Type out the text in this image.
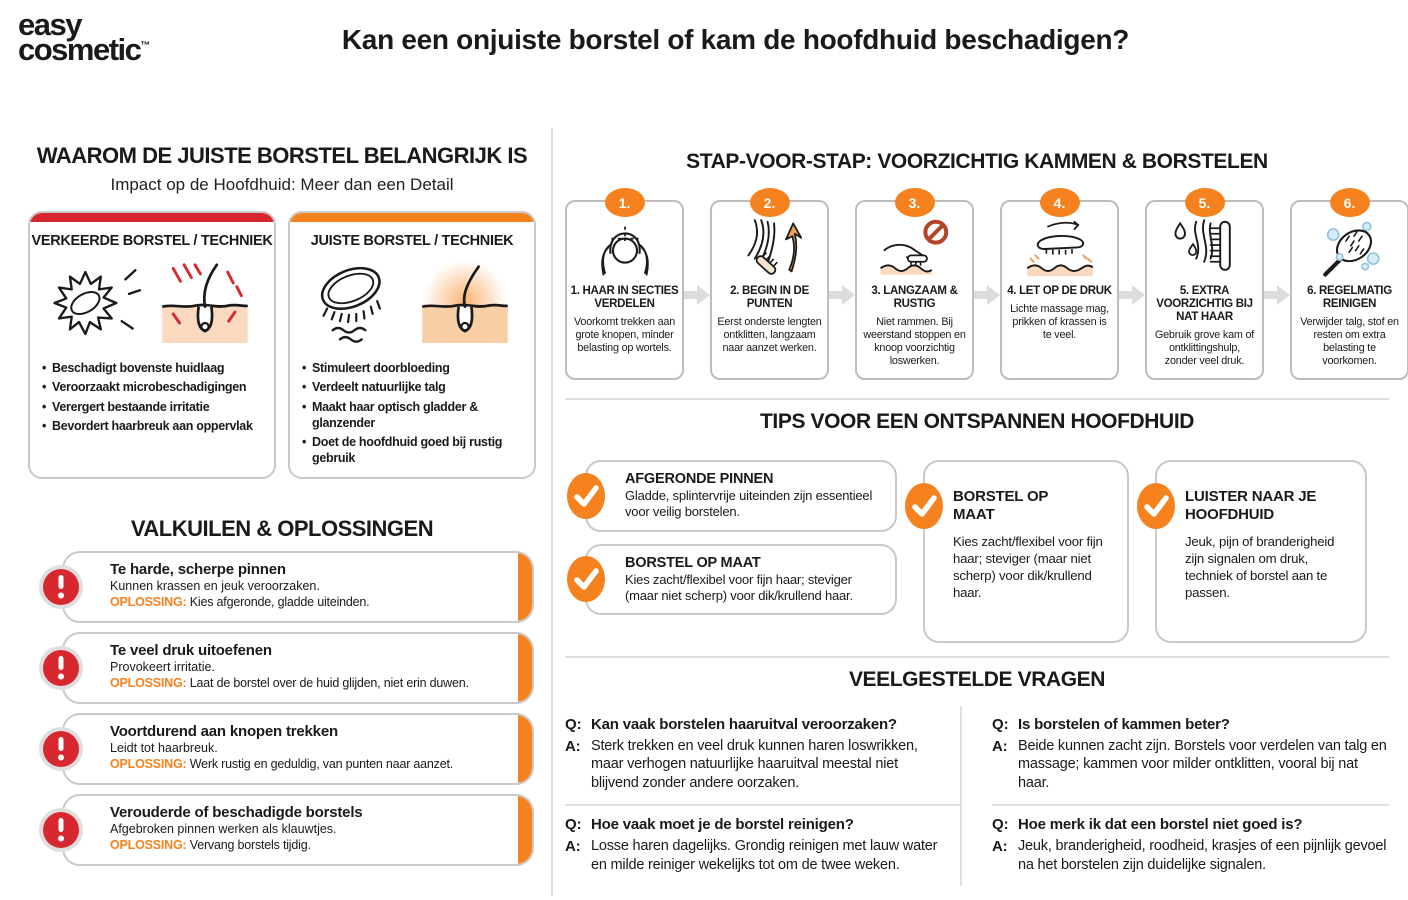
easy
cosmetic™	Kan een onjuiste borstel of kam de hoofdhuid beschadigen?
WAAROM DE JUISTE BORSTEL BELANGRIJK IS
Impact op de Hoofdhuid: Meer dan een Detail
VERKEERDE BORSTEL / TECHNIEK
• Beschadigt bovenste huidlaag
• Veroorzaakt microbeschadigingen
• Verergert bestaande irritatie
• Bevordert haarbreuk aan oppervlak
JUISTE BORSTEL / TECHNIEK
• Stimuleert doorbloeding
• Verdeelt natuurlijke talg
• Maakt haar optisch gladder & glanzender
• Doet de hoofdhuid goed bij rustig gebruik
VALKUILEN & OPLOSSINGEN
Te harde, scherpe pinnen
Kunnen krassen en jeuk veroorzaken.
OPLOSSING: Kies afgeronde, gladde uiteinden.
Te veel druk uitoefenen
Provokeert irritatie.
OPLOSSING: Laat de borstel over de huid glijden, niet erin duwen.
Voortdurend aan knopen trekken
Leidt tot haarbreuk.
OPLOSSING: Werk rustig en geduldig, van punten naar aanzet.
Verouderde of beschadigde borstels
Afgebroken pinnen werken als klauwtjes.
OPLOSSING: Vervang borstels tijdig.
STAP-VOOR-STAP: VOORZICHTIG KAMMEN & BORSTELEN
1.
1. HAAR IN SECTIES VERDELEN
Voorkomt trekken aan grote knopen, minder belasting op wortels.
2.
2. BEGIN IN DE PUNTEN
Eerst onderste lengten ontklitten, langzaam naar aanzet werken.
3.
3. LANGZAAM & RUSTIG
Niet rammen. Bij weerstand stoppen en knoop voorzichtig loswerken.
4.
4. LET OP DE DRUK
Lichte massage mag, prikken of krassen is te veel.
5.
5. EXTRA VOORZICHTIG BIJ NAT HAAR
Gebruik grove kam of ontklittingshulp, zonder veel druk.
6.
6. REGELMATIG REINIGEN
Verwijder talg, stof en resten om extra belasting te voorkomen.
TIPS VOOR EEN ONTSPANNEN HOOFDHUID
AFGERONDE PINNEN
Gladde, splintervrije uiteinden zijn essentieel voor veilig borstelen.
BORSTEL OP MAAT
Kies zacht/flexibel voor fijn haar; steviger (maar niet scherp) voor dik/krullend haar.
BORSTEL OP MAAT
Kies zacht/flexibel voor fijn haar; steviger (maar niet scherp) voor dik/krullend haar.
LUISTER NAAR JE HOOFDHUID
Jeuk, pijn of branderigheid zijn signalen om druk, techniek of borstel aan te passen.
VEELGESTELDE VRAGEN
Q: Kan vaak borstelen haaruitval veroorzaken?
A: Sterk trekken en veel druk kunnen haren loswrikken, maar verhogen natuurlijke haaruitval meestal niet blijvend zonder andere oorzaken.
Q: Is borstelen of kammen beter?
A: Beide kunnen zacht zijn. Borstels voor verdelen van talg en massage; kammen voor milder ontklitten, vooral bij nat haar.
Q: Hoe vaak moet je de borstel reinigen?
A: Losse haren dagelijks. Grondig reinigen met lauw water en milde reiniger wekelijks tot om de twee weken.
Q: Hoe merk ik dat een borstel niet goed is?
A: Jeuk, branderigheid, roodheid, krasjes of een pijnlijk gevoel na het borstelen zijn duidelijke signalen.
